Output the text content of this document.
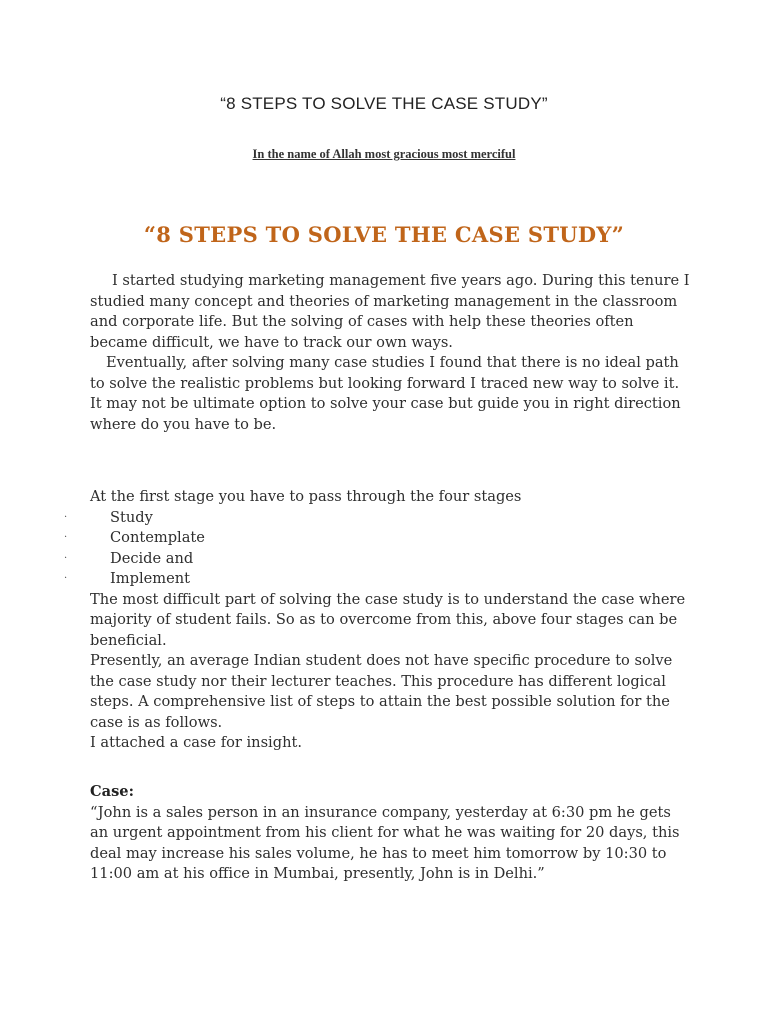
“8 STEPS TO SOLVE THE CASE STUDY”
In the name of Allah most gracious most merciful
“8 STEPS TO SOLVE THE CASE STUDY”

I started studying marketing management five years ago. During this tenure I studied many concept and theories of marketing management in the classroom and corporate life. But the solving of cases with help these theories often became difficult, we have to track our own ways.

Eventually, after solving many case studies I found that there is no ideal path to solve the realistic problems but looking forward I traced new way to solve it. It may not be ultimate option to solve your case but guide you in right direction where do you have to be.

At the first stage you have to pass through the four stages

·	Study
·	Contemplate
·	Decide and
·	Implement

The most difficult part of solving the case study is to understand the case where majority of student fails. So as to overcome from this, above four stages can be beneficial.

Presently, an average Indian student does not have specific procedure to solve the case study nor their lecturer teaches. This procedure has different logical steps. A comprehensive list of steps to attain the best possible solution for the case is as follows.

I attached a case for insight.

Case:

“John is a sales person in an insurance company, yesterday at 6:30 pm he gets an urgent appointment from his client for what he was waiting for 20 days, this deal may increase his sales volume, he has to meet him tomorrow by 10:30 to 11:00 am at his office in Mumbai, presently, John is in Delhi.”
